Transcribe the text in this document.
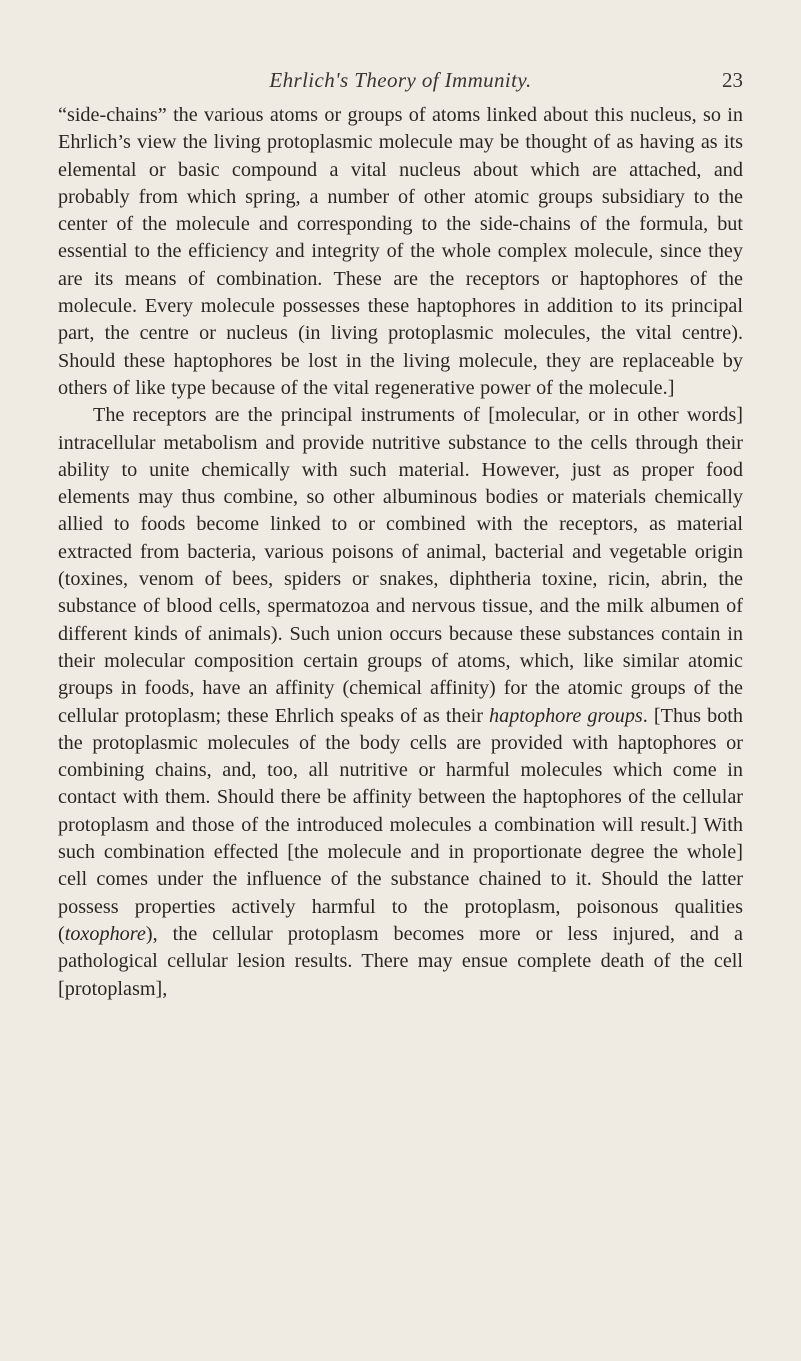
Ehrlich's Theory of Immunity.	23

“side-chains” the various atoms or groups of atoms linked about this nucleus, so in Ehrlich’s view the living protoplasmic molecule may be thought of as having as its elemental or basic compound a vital nucleus about which are attached, and probably from which spring, a number of other atomic groups subsidiary to the center of the molecule and corresponding to the side-chains of the formula, but essential to the efficiency and integrity of the whole complex molecule, since they are its means of combination. These are the receptors or haptophores of the molecule. Every molecule possesses these haptophores in addition to its principal part, the centre or nucleus (in living protoplasmic molecules, the vital centre). Should these haptophores be lost in the living molecule, they are replaceable by others of like type because of the vital regenerative power of the molecule.]

The receptors are the principal instruments of [molecular, or in other words] intracellular metabolism and provide nutritive substance to the cells through their ability to unite chemically with such material. However, just as proper food elements may thus combine, so other albuminous bodies or materials chemically allied to foods become linked to or combined with the receptors, as material extracted from bacteria, various poisons of animal, bacterial and vegetable origin (toxines, venom of bees, spiders or snakes, diphtheria toxine, ricin, abrin, the substance of blood cells, spermatozoa and nervous tissue, and the milk albumen of different kinds of animals). Such union occurs because these substances contain in their molecular composition certain groups of atoms, which, like similar atomic groups in foods, have an affinity (chemical affinity) for the atomic groups of the cellular protoplasm; these Ehrlich speaks of as their haptophore groups. [Thus both the protoplasmic molecules of the body cells are provided with haptophores or combining chains, and, too, all nutritive or harmful molecules which come in contact with them. Should there be affinity between the haptophores of the cellular protoplasm and those of the introduced molecules a combination will result.] With such combination effected [the molecule and in proportionate degree the whole] cell comes under the influence of the substance chained to it. Should the latter possess properties actively harmful to the protoplasm, poisonous qualities (toxophore), the cellular protoplasm becomes more or less injured, and a pathological cellular lesion results. There may ensue complete death of the cell [protoplasm],
